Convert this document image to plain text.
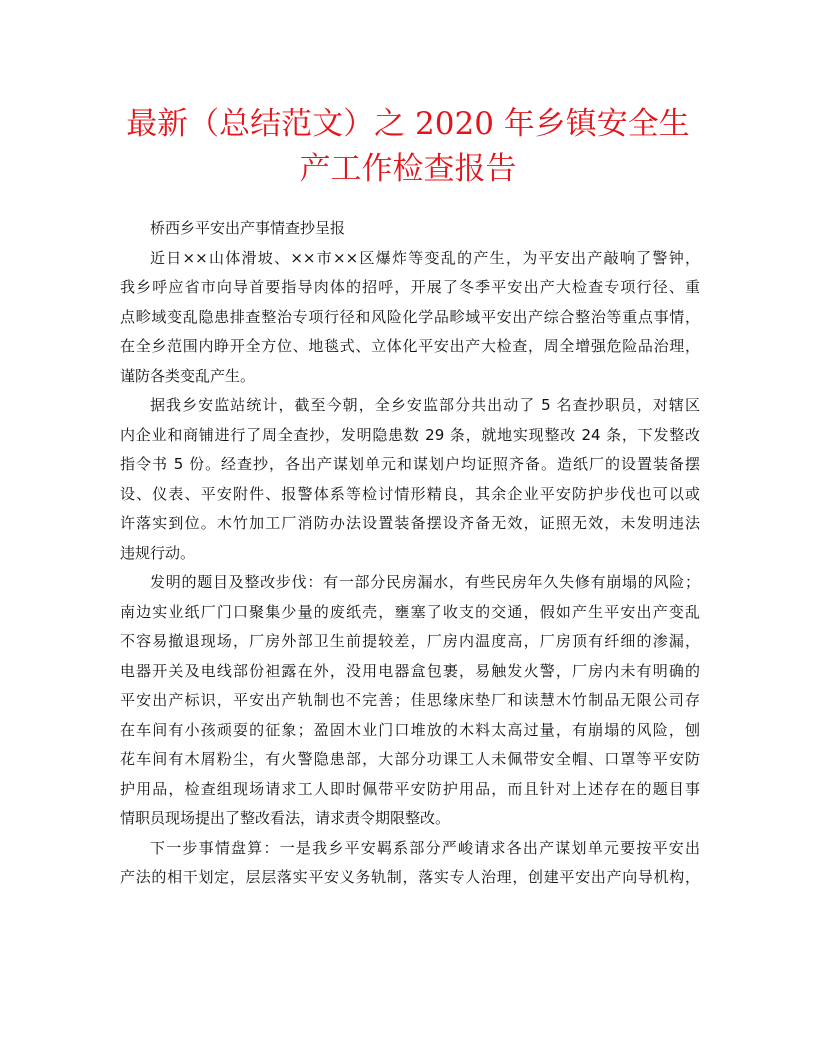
最新（总结范文）之 2020 年乡镇安全生
产工作检查报告
桥西乡平安出产事情查抄呈报
近日××山体滑坡、××市××区爆炸等变乱的产生，为平安出产敲响了警钟，
我乡呼应省市向导首要指导肉体的招呼，开展了冬季平安出产大检查专项行径、重
点畛域变乱隐患排查整治专项行径和风险化学品畛域平安出产综合整治等重点事情，
在全乡范围内睁开全方位、地毯式、立体化平安出产大检查，周全增强危险品治理，
谨防各类变乱产生。
据我乡安监站统计，截至今朝，全乡安监部分共出动了 5 名查抄职员，对辖区
内企业和商铺进行了周全查抄，发明隐患数 29 条，就地实现整改 24 条，下发整改
指令书 5 份。经查抄，各出产谋划单元和谋划户均证照齐备。造纸厂的设置装备摆
设、仪表、平安附件、报警体系等检讨情形精良，其余企业平安防护步伐也可以或
许落实到位。木竹加工厂消防办法设置装备摆设齐备无效，证照无效，未发明违法
违规行动。
发明的题目及整改步伐：有一部分民房漏水，有些民房年久失修有崩塌的风险；
南边实业纸厂门口聚集少量的废纸壳，壅塞了收支的交通，假如产生平安出产变乱
不容易撤退现场，厂房外部卫生前提较差，厂房内温度高，厂房顶有纤细的渗漏，
电器开关及电线部份袒露在外，没用电器盒包裹，易触发火警，厂房内未有明确的
平安出产标识，平安出产轨制也不完善；佳思缘床垫厂和读慧木竹制品无限公司存
在车间有小孩顽耍的征象；盈固木业门口堆放的木料太高过量，有崩塌的风险，刨
花车间有木屑粉尘，有火警隐患部，大部分功课工人未佩带安全帽、口罩等平安防
护用品，检查组现场请求工人即时佩带平安防护用品，而且针对上述存在的题目事
情职员现场提出了整改看法，请求责令期限整改。
下一步事情盘算：一是我乡平安羁系部分严峻请求各出产谋划单元要按平安出
产法的相干划定，层层落实平安义务轨制，落实专人治理，创建平安出产向导机构，
